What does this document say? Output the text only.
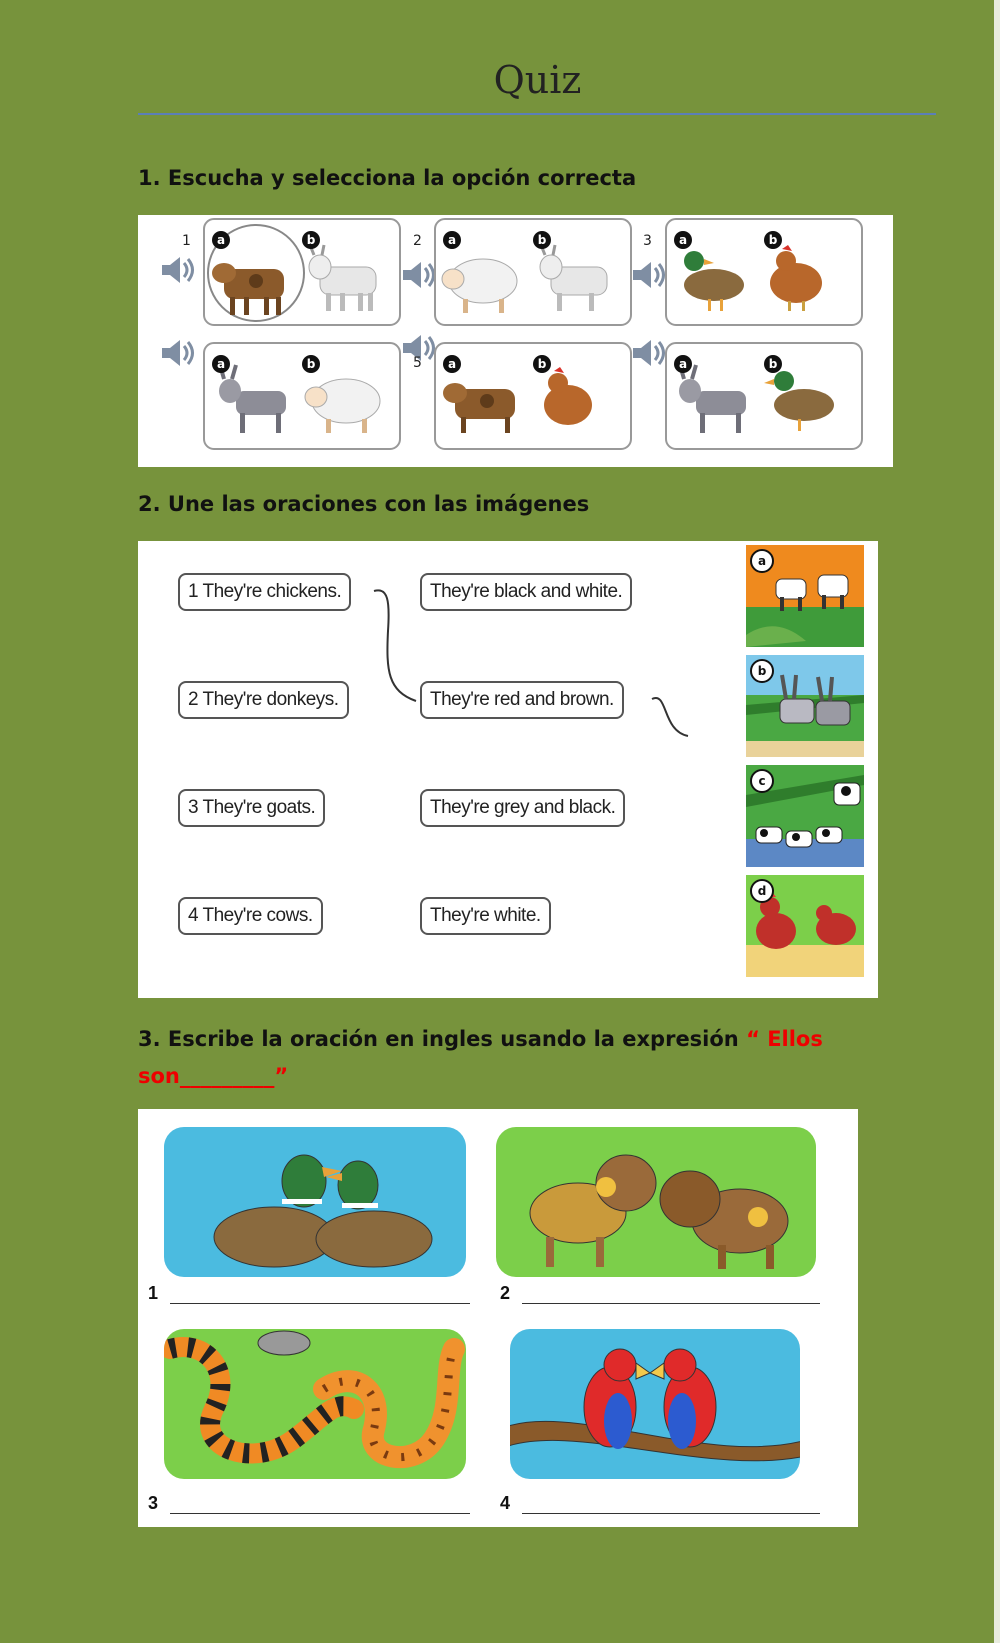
Quiz
1. Escucha y selecciona la opción correcta
1	2	3
5
a	b	a	b	a	b
a	b	a	b	a	b
2. Une las oraciones con las imágenes
1 They're chickens.
2 They're donkeys.
3 They're goats.
4 They're cows.
They're black and white.
They're red and brown.
They're grey and black.
They're white.
a
b
c
d
3. Escribe la oración en ingles usando la expresión “ Ellos son_________”
1	2
3	4
